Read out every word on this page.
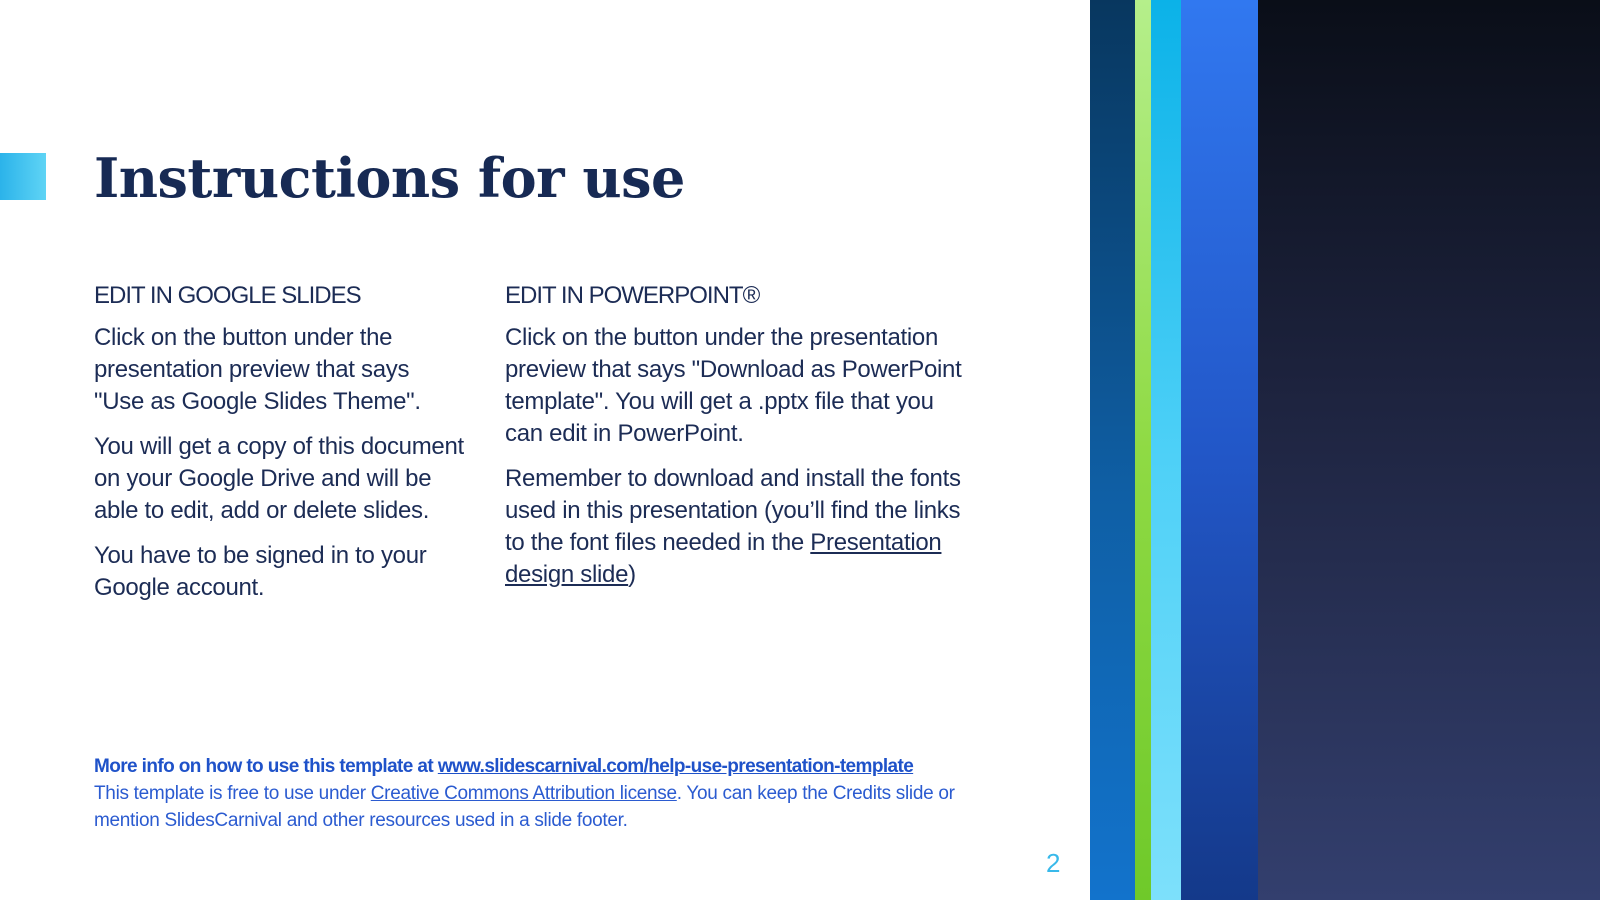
Instructions for use
EDIT IN GOOGLE SLIDES

Click on the button under the presentation preview that says "Use as Google Slides Theme".

You will get a copy of this document on your Google Drive and will be able to edit, add or delete slides.

You have to be signed in to your Google account.

EDIT IN POWERPOINT®

Click on the button under the presentation preview that says "Download as PowerPoint template". You will get a .pptx file that you can edit in PowerPoint.

Remember to download and install the fonts used in this presentation (you’ll find the links to the font files needed in the Presentation design slide)

More info on how to use this template at www.slidescarnival.com/help-use-presentation-template
This template is free to use under Creative Commons Attribution license. You can keep the Credits slide or mention SlidesCarnival and other resources used in a slide footer.
2
